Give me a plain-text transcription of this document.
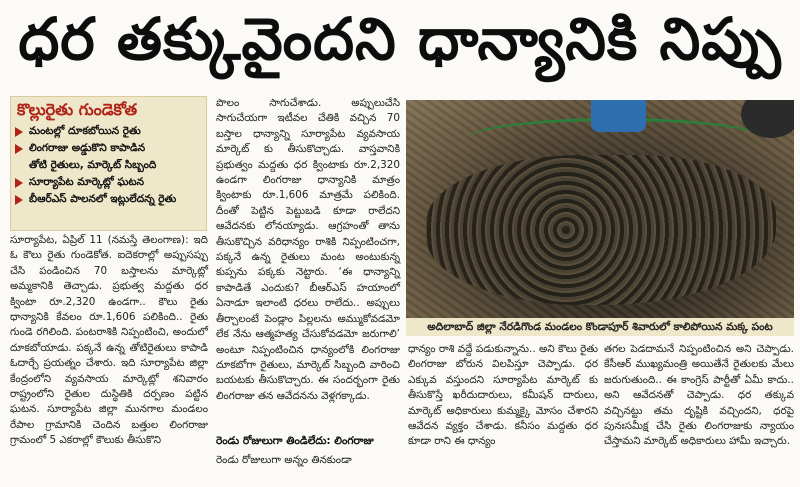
ధర తక్కువైందని ధాన్యానికి నిప్పు
కొల్లురైతు గుండెకోత
మంటల్లో దూకబోయిన రైతు
లింగరాజు అడ్డుకొని కాపాడిన
తోటి రైతులు, మార్కెట్ సిబ్బంది
సూర్యాపేట మార్కెట్లో ఘటన
బీఆర్ఎస్ పాలనలో ఇట్లులేదన్న రైతు

సూర్యాపేట, ఏప్రిల్ 11 (నమస్తే తెలంగాణ): ఇది ఓ కౌలు రైతు గుండెకోత. ఐదెకరాల్లో అప్పుసప్పు చేసి పండించిన 70 బస్తాలను మార్కెట్లో అమ్మకానికి తెచ్చాడు. ప్రభుత్వ మద్దతు ధర క్వింటా రూ.2,320 ఉండగా.. కౌలు రైతు ధాన్యానికి కేవలం రూ.1,606 పలికింది.. రైతు గుండె రగిలింది. పంటరాశికి నిప్పంటించి, అందులో దూకబోయాడు. పక్కనే ఉన్న తోటిరైతులు కాపాడి ఓదార్చే ప్రయత్నం చేశారు. ఇది సూర్యాపేట జిల్లా కేంద్రంలోని వ్యవసాయ మార్కెట్లో శనివారం రాష్ట్రంలోని రైతుల దుస్థితికి దర్పణం పట్టిన ఘటన. సూర్యాపేట జిల్లా మునగాల మండలం రేపాల గ్రామానికి చెందిన బత్తుల లింగరాజు గ్రామంలో 5 ఎకరాల్లో కౌలుకు తీసుకొని

పొలం సాగుచేశాడు. అప్పులుచేసి సాగుచేయగా ఇటీవల చేతికి వచ్చిన 70 బస్తాల ధాన్యాన్ని సూర్యాపేట వ్యవసాయ మార్కెట్ కు తీసుకొచ్చాడు. వాస్తవానికి ప్రభుత్వం మద్దతు ధర క్వింటాకు రూ.2,320 ఉండగా లింగరాజు ధాన్యానికి మాత్రం క్వింటాకు రూ.1,606 మాత్రమే పలికింది. దీంతో పెట్టిన పెట్టుబడి కూడా రాలేదని ఆవేదనకు లోనయ్యాడు. ఆగ్రహంతో తాను తీసుకొచ్చిన వరిధాన్యం రాశికి నిప్పంటించగా, పక్కనే ఉన్న రైతులు మంట అంటుకున్న కుప్పను పక్కకు నెట్టారు. ‘ఈ ధాన్యాన్ని కాపాడితే ఎందుకు? బీఆర్ఎస్ హయాంలో ఏనాడూ ఇలాంటి ధరలు రాలేదు.. అప్పులు తీర్చాలంటే పెండ్లాం పిల్లలను అమ్ముకోవడమో లేక నేను ఆత్మహత్య చేసుకోవడమో జరుగాలి’ అంటూ నిప్పంటించిన ధాన్యంలోకి లింగరాజు దూకబోగా రైతులు, మార్కెట్ సిబ్బంది వారించి బయటకు తీసుకొచ్చారు. ఈ సందర్భంగా రైతు లింగరాజు తన ఆవేదనను వెళ్లగక్కాడు.

రెండు రోజులుగా తిండిలేదు: లింగరాజు

రెండు రోజులుగా అన్నం తినకుండా

అదిలాబాద్ జిల్లా నేరడిగొండ మండలం కొండాపూర్ శివారులో కాలిపోయిన మక్క పంట

ధాన్యం రాశి వద్దే పడుకున్నాను.. అని కౌలు రైతు లింగరాజు బోరున విలపిస్తూ చెప్పాడు. ధర ఎక్కువ వస్తుందని సూర్యాపేట మార్కెట్ కు తీసుకొస్తే ఖరీదుదారులు, కమీషన్ దారులు, మార్కెట్ అధికారులు కుమ్మక్కై మోసం చేశారని ఆవేదన వ్యక్తం చేశాడు. కనీసం మద్దతు ధర కూడా రాని ఈ ధాన్యం

తగల పెడదామనే నిప్పంటించిన అని చెప్పాడు. కేసీఆర్ ముఖ్యమంత్రి అయితేనే రైతులకు మేలు జరుగుతుంది.. ఈ కాంగ్రెస్ పార్టీతో ఏమీ కాదు.. అని ఆవేదనతో చెప్పాడు. ధర తక్కువ వచ్చినట్టు తమ దృష్టికి వచ్చిందని, ధరపై పునఃసమీక్ష చేసి రైతు లింగరాజుకు న్యాయం చేస్తామని మార్కెట్ అధికారులు హామీ ఇచ్చారు.
